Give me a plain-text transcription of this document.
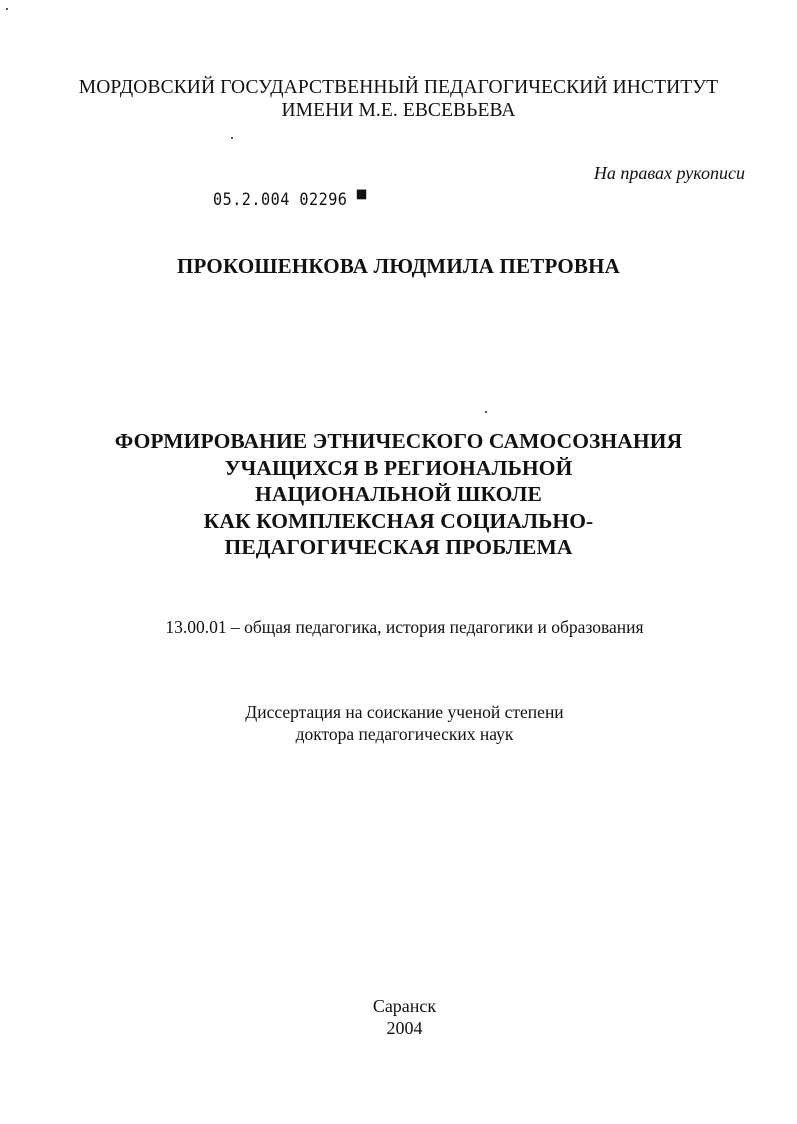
МОРДОВСКИЙ ГОСУДАРСТВЕННЫЙ ПЕДАГОГИЧЕСКИЙ ИНСТИТУТ
ИМЕНИ М.Е. ЕВСЕВЬЕВА
На правах рукописи
05.2.004 02296 ▀
ПРОКОШЕНКОВА ЛЮДМИЛА ПЕТРОВНА
ФОРМИРОВАНИЕ ЭТНИЧЕСКОГО САМОСОЗНАНИЯ
УЧАЩИХСЯ В РЕГИОНАЛЬНОЙ
НАЦИОНАЛЬНОЙ ШКОЛЕ
КАК КОМПЛЕКСНАЯ СОЦИАЛЬНО-
ПЕДАГОГИЧЕСКАЯ ПРОБЛЕМА
13.00.01 – общая педагогика, история педагогики и образования
Диссертация на соискание ученой степени
доктора педагогических наук
Саранск
2004
